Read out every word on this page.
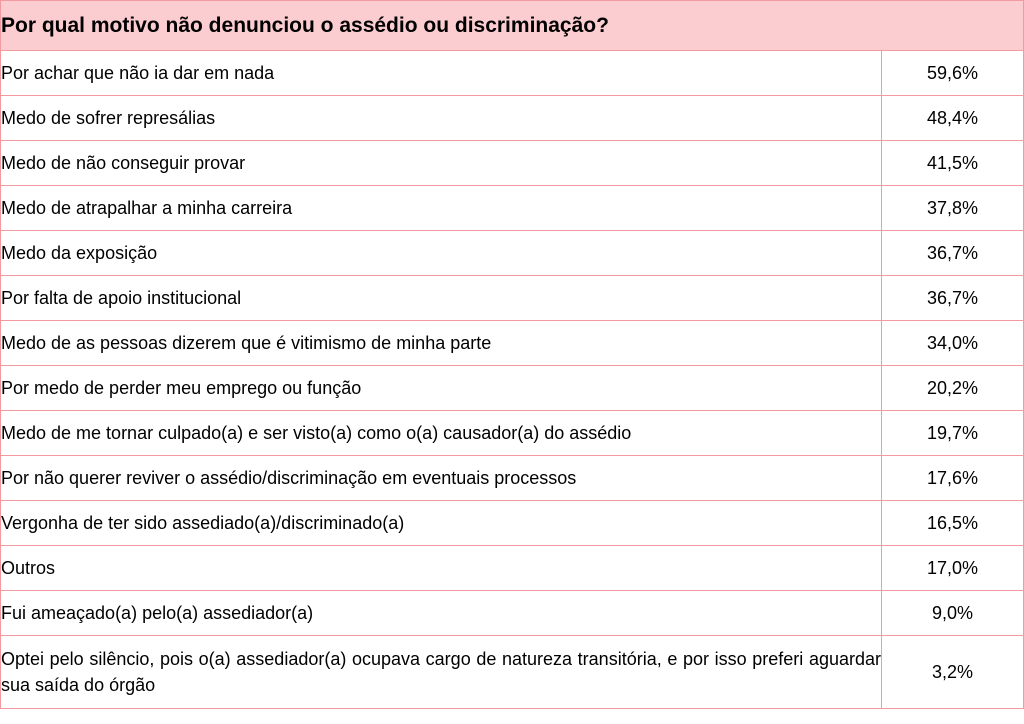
Por qual motivo não denunciou o assédio ou discriminação?	
Por achar que não ia dar em nada	59,6%
Medo de sofrer represálias	48,4%
Medo de não conseguir provar	41,5%
Medo de atrapalhar a minha carreira	37,8%
Medo da exposição	36,7%
Por falta de apoio institucional	36,7%
Medo de as pessoas dizerem que é vitimismo de minha parte	34,0%
Por medo de perder meu emprego ou função	20,2%
Medo de me tornar culpado(a) e ser visto(a) como o(a) causador(a) do assédio	19,7%
Por não querer reviver o assédio/discriminação em eventuais processos	17,6%
Vergonha de ter sido assediado(a)/discriminado(a)	16,5%
Outros	17,0%
Fui ameaçado(a) pelo(a) assediador(a)	9,0%
Optei pelo silêncio, pois o(a) assediador(a) ocupava cargo de natureza transitória, e por isso preferi aguardar sua saída do órgão	3,2%
